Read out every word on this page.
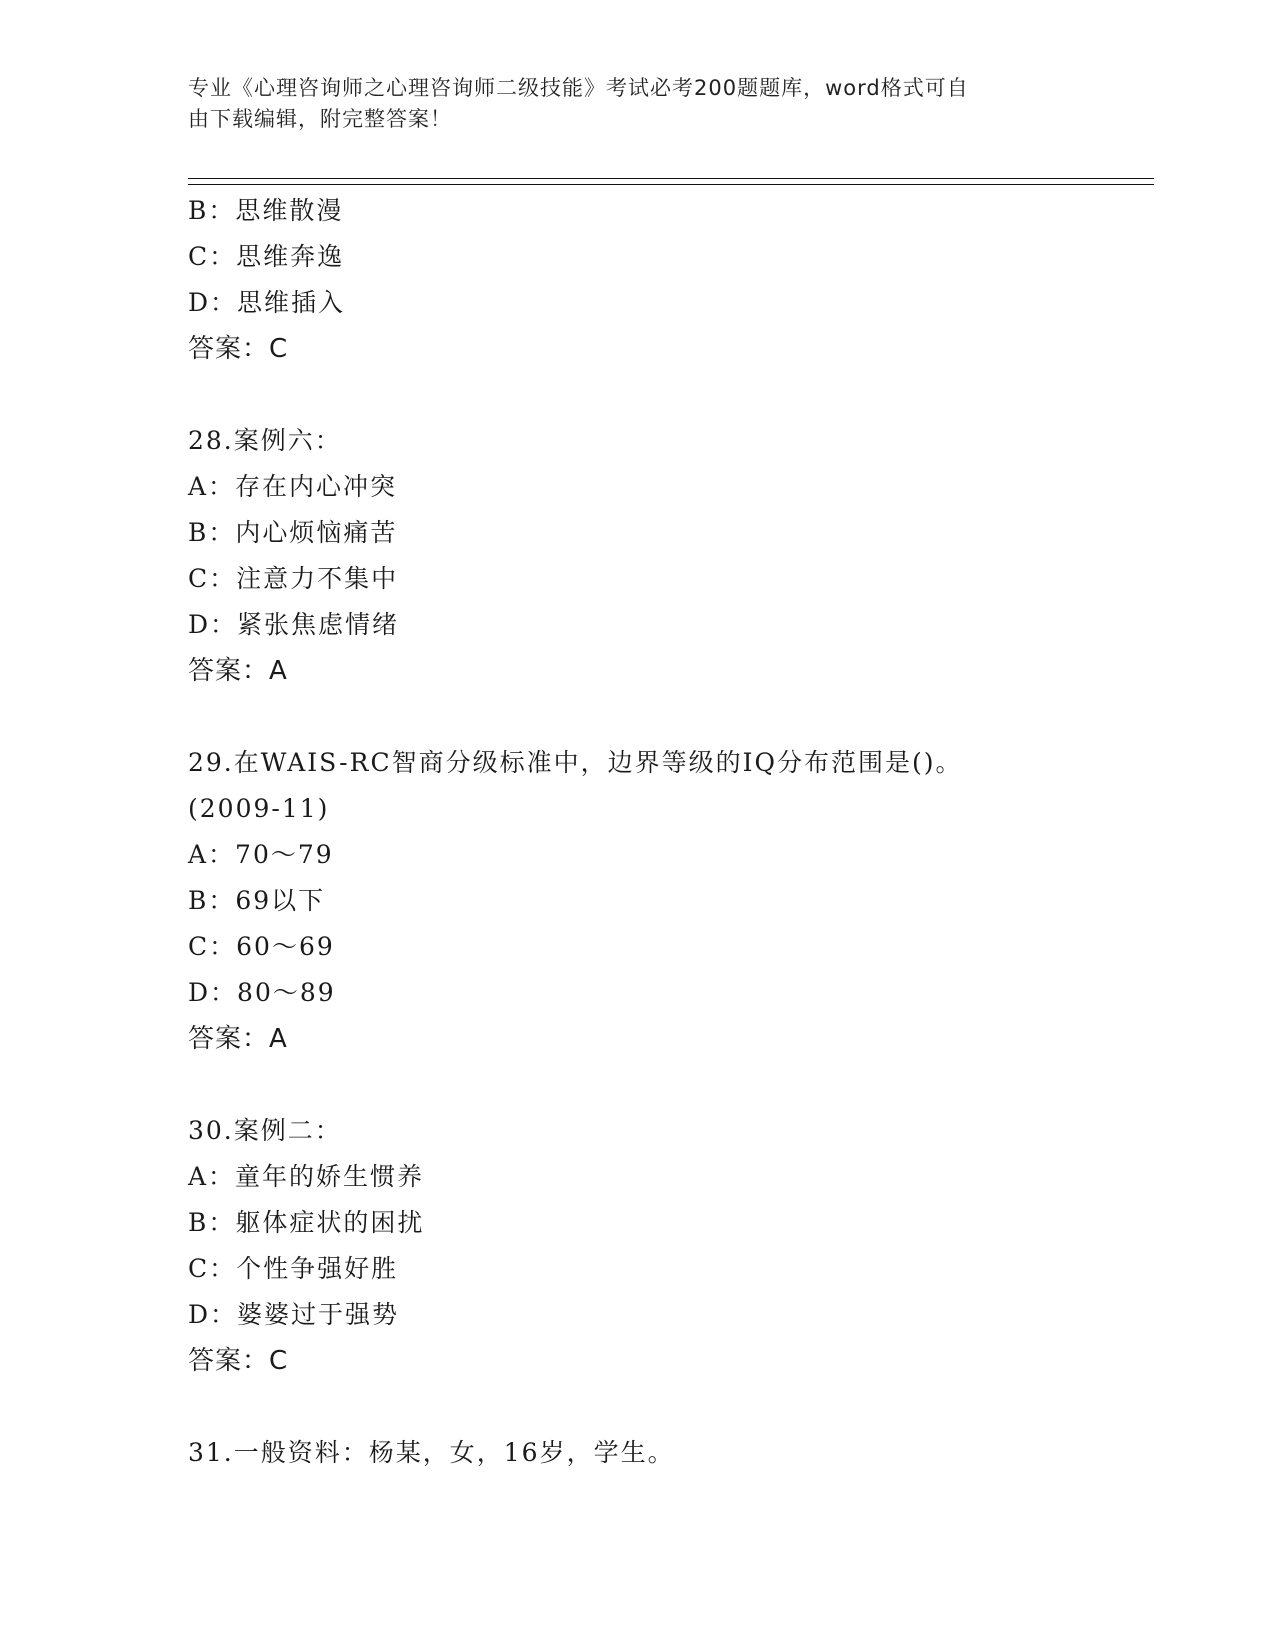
专业《心理咨询师之心理咨询师二级技能》考试必考200题题库，word格式可自
由下载编辑，附完整答案！
B：思维散漫
C：思维奔逸
D：思维插入
答案：C
28.案例六：
A：存在内心冲突
B：内心烦恼痛苦
C：注意力不集中
D：紧张焦虑情绪
答案：A
29.在WAIS-RC智商分级标准中，边界等级的IQ分布范围是()。
(2009-11)
A：70～79
B：69以下
C：60～69
D：80～89
答案：A
30.案例二：
A：童年的娇生惯养
B：躯体症状的困扰
C：个性争强好胜
D：婆婆过于强势
答案：C
31.一般资料：杨某，女，16岁，学生。
